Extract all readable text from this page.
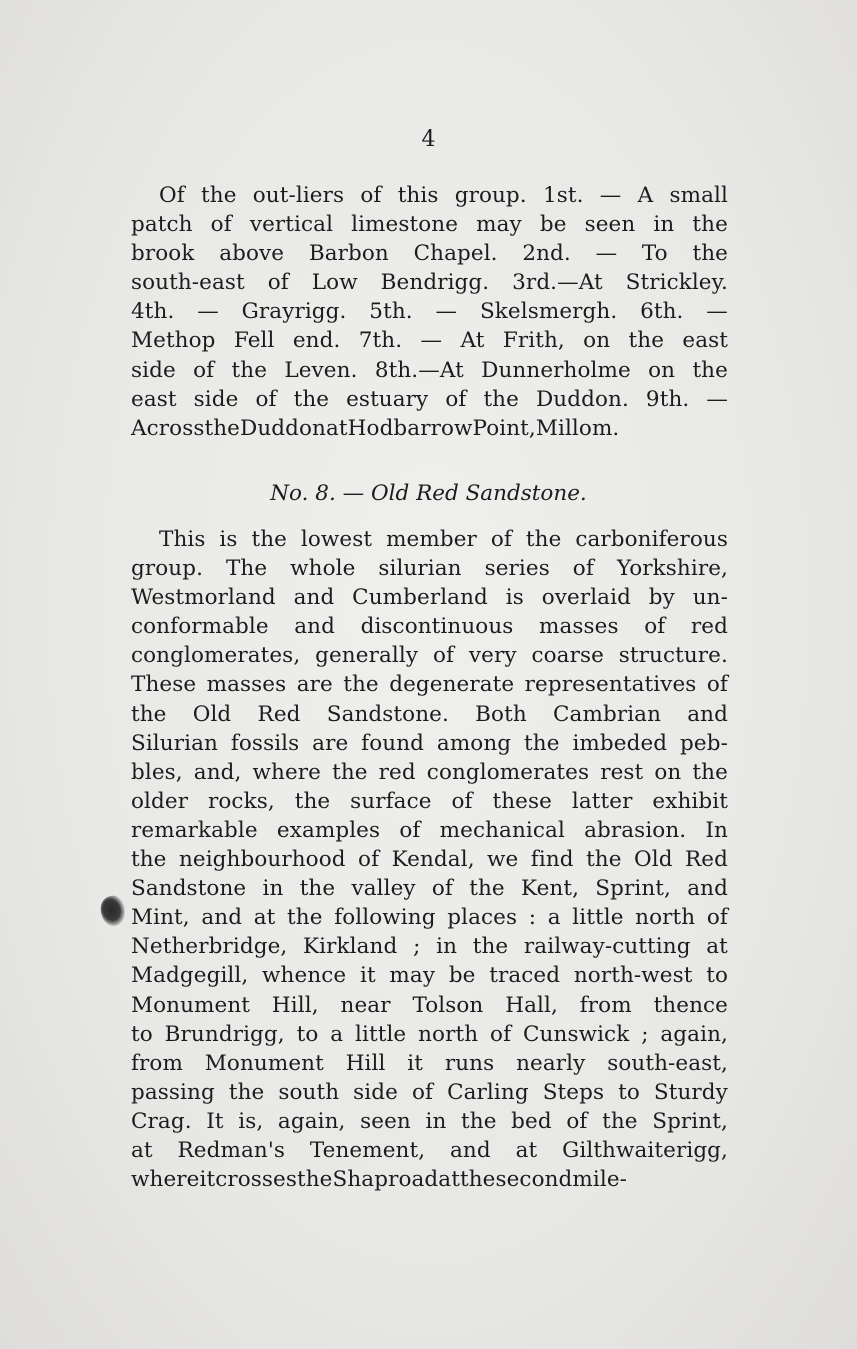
4
Of the out-liers of this group. 1st. — A small
patch of vertical limestone may be seen in the
brook above Barbon Chapel. 2nd. — To the
south-east of Low Bendrigg. 3rd.—At Strickley.
4th. — Grayrigg. 5th. — Skelsmergh. 6th. —
Methop Fell end. 7th. — At Frith, on the east
side of the Leven. 8th.—At Dunnerholme on the
east side of the estuary of the Duddon. 9th. —
Across the Duddon at Hodbarrow Point, Millom.
No. 8. — Old Red Sandstone.
This is the lowest member of the carboniferous
group. The whole silurian series of Yorkshire,
Westmorland and Cumberland is overlaid by un-
conformable and discontinuous masses of red
conglomerates, generally of very coarse structure.
These masses are the degenerate representatives of
the Old Red Sandstone. Both Cambrian and
Silurian fossils are found among the imbeded peb-
bles, and, where the red conglomerates rest on the
older rocks, the surface of these latter exhibit
remarkable examples of mechanical abrasion. In
the neighbourhood of Kendal, we find the Old Red
Sandstone in the valley of the Kent, Sprint, and
Mint, and at the following places : a little north of
Netherbridge, Kirkland ; in the railway-cutting at
Madgegill, whence it may be traced north-west to
Monument Hill, near Tolson Hall, from thence
to Brundrigg, to a little north of Cunswick ; again,
from Monument Hill it runs nearly south-east,
passing the south side of Carling Steps to Sturdy
Crag. It is, again, seen in the bed of the Sprint,
at Redman's Tenement, and at Gilthwaiterigg,
where it crosses the Shap road at the second mile-
